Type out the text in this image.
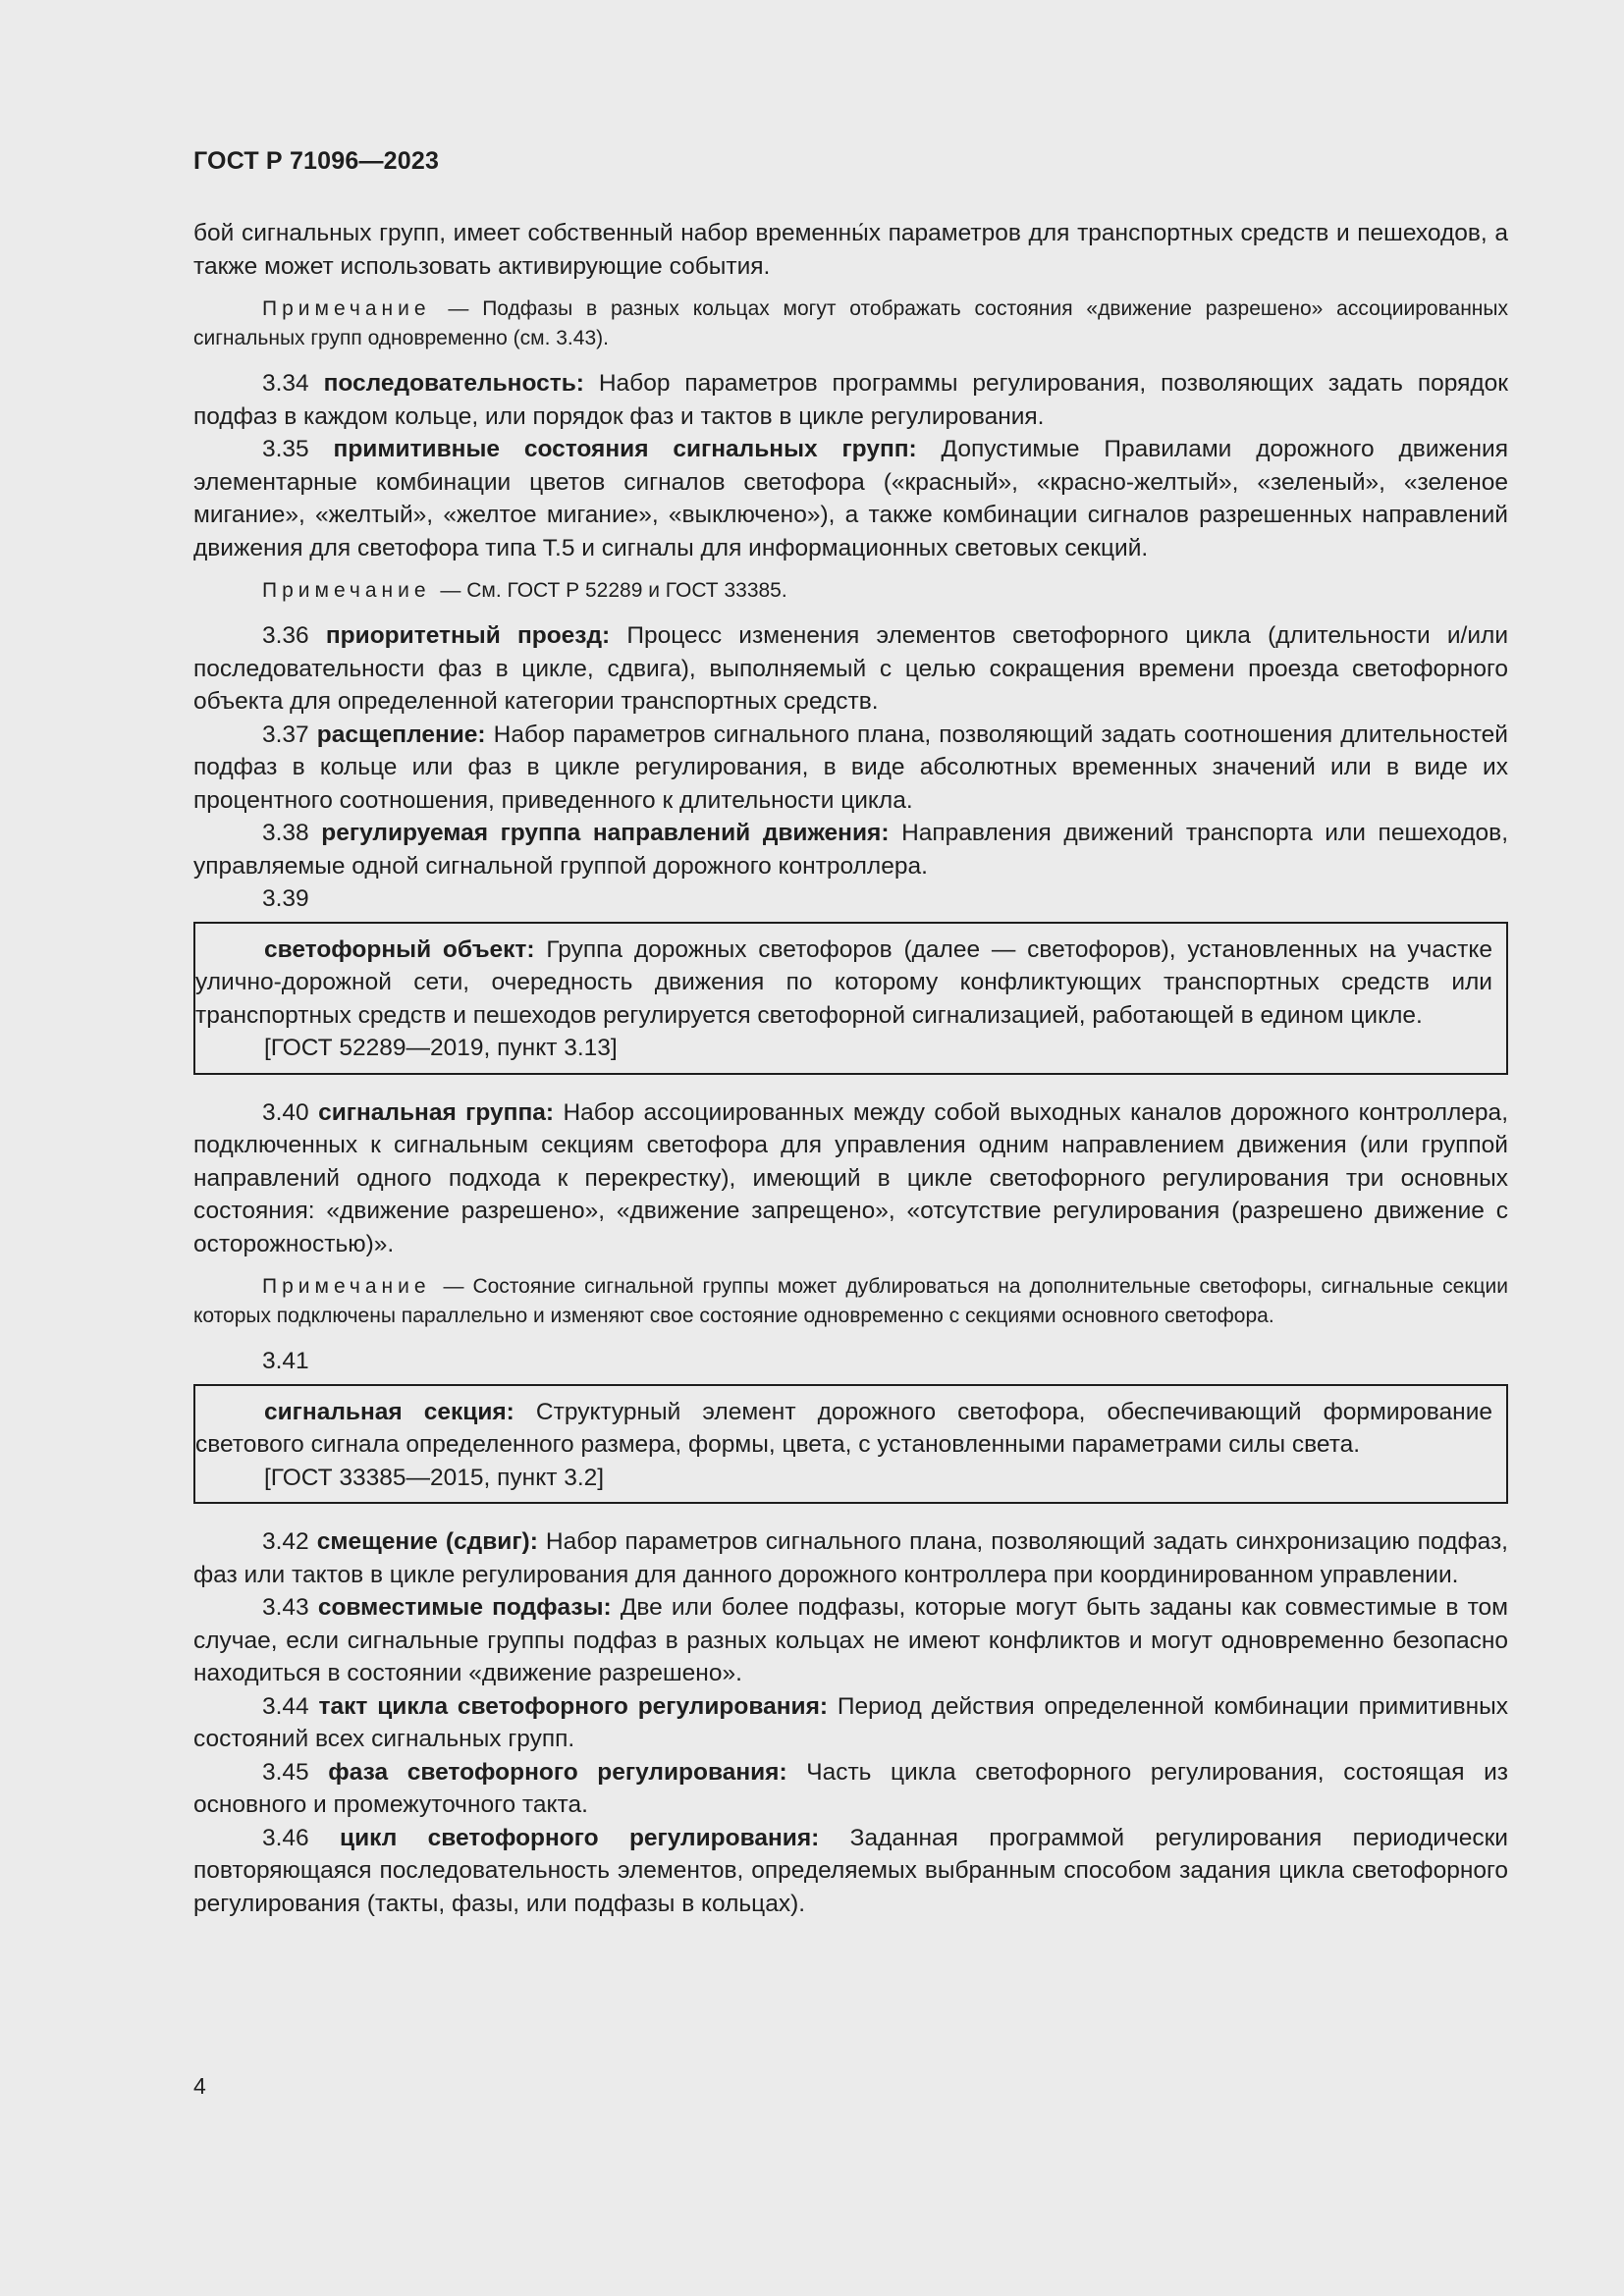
ГОСТ Р 71096—2023

бой сигнальных групп, имеет собственный набор временны́х параметров для транспортных средств и пешеходов, а также может использовать активирующие события.

Примечание — Подфазы в разных кольцах могут отображать состояния «движение разрешено» ассоциированных сигнальных групп одновременно (см. 3.43).

3.34 последовательность: Набор параметров программы регулирования, позволяющих задать порядок подфаз в каждом кольце, или порядок фаз и тактов в цикле регулирования.

3.35 примитивные состояния сигнальных групп: Допустимые Правилами дорожного движения элементарные комбинации цветов сигналов светофора («красный», «красно-желтый», «зеленый», «зеленое мигание», «желтый», «желтое мигание», «выключено»), а также комбинации сигналов разрешенных направлений движения для светофора типа Т.5 и сигналы для информационных световых секций.

Примечание — См. ГОСТ Р 52289 и ГОСТ 33385.

3.36 приоритетный проезд: Процесс изменения элементов светофорного цикла (длительности и/или последовательности фаз в цикле, сдвига), выполняемый с целью сокращения времени проезда светофорного объекта для определенной категории транспортных средств.

3.37 расщепление: Набор параметров сигнального плана, позволяющий задать соотношения длительностей подфаз в кольце или фаз в цикле регулирования, в виде абсолютных временных значений или в виде их процентного соотношения, приведенного к длительности цикла.

3.38 регулируемая группа направлений движения: Направления движений транспорта или пешеходов, управляемые одной сигнальной группой дорожного контроллера.

3.39

светофорный объект: Группа дорожных светофоров (далее — светофоров), установленных на участке улично-дорожной сети, очередность движения по которому конфликтующих транспортных средств или транспортных средств и пешеходов регулируется светофорной сигнализацией, работающей в едином цикле.

[ГОСТ 52289—2019, пункт 3.13]

3.40 сигнальная группа: Набор ассоциированных между собой выходных каналов дорожного контроллера, подключенных к сигнальным секциям светофора для управления одним направлением движения (или группой направлений одного подхода к перекрестку), имеющий в цикле светофорного регулирования три основных состояния: «движение разрешено», «движение запрещено», «отсутствие регулирования (разрешено движение с осторожностью)».

Примечание — Состояние сигнальной группы может дублироваться на дополнительные светофоры, сигнальные секции которых подключены параллельно и изменяют свое состояние одновременно с секциями основного светофора.

3.41

сигнальная секция: Структурный элемент дорожного светофора, обеспечивающий формирование светового сигнала определенного размера, формы, цвета, с установленными параметрами силы света.

[ГОСТ 33385—2015, пункт 3.2]

3.42 смещение (сдвиг): Набор параметров сигнального плана, позволяющий задать синхронизацию подфаз, фаз или тактов в цикле регулирования для данного дорожного контроллера при координированном управлении.

3.43 совместимые подфазы: Две или более подфазы, которые могут быть заданы как совместимые в том случае, если сигнальные группы подфаз в разных кольцах не имеют конфликтов и могут одновременно безопасно находиться в состоянии «движение разрешено».

3.44 такт цикла светофорного регулирования: Период действия определенной комбинации примитивных состояний всех сигнальных групп.

3.45 фаза светофорного регулирования: Часть цикла светофорного регулирования, состоящая из основного и промежуточного такта.

3.46 цикл светофорного регулирования: Заданная программой регулирования периодически повторяющаяся последовательность элементов, определяемых выбранным способом задания цикла светофорного регулирования (такты, фазы, или подфазы в кольцах).

4
